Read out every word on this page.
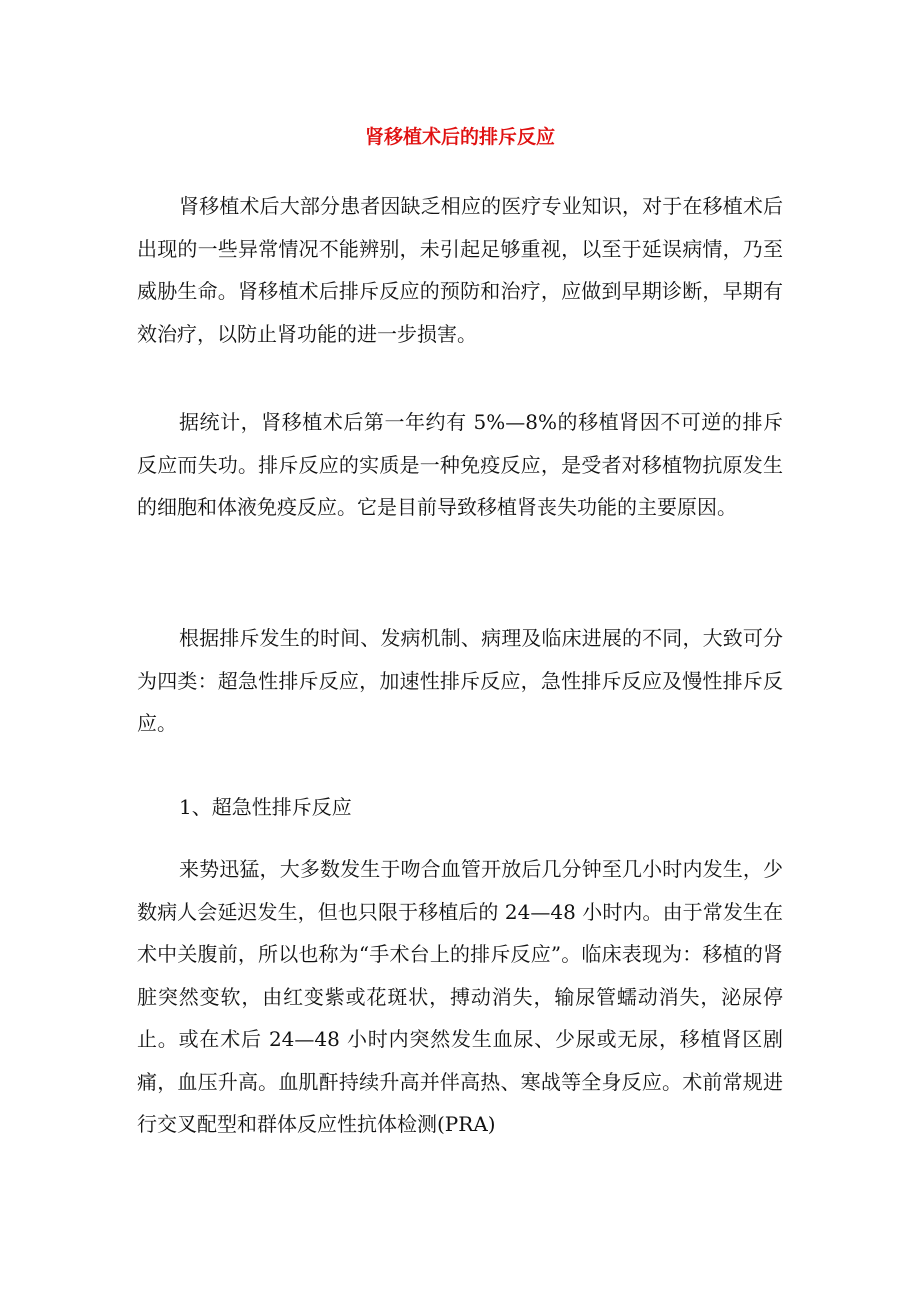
肾移植术后的排斥反应

肾移植术后大部分患者因缺乏相应的医疗专业知识，对于在移植术后出现的一些异常情况不能辨别，未引起足够重视，以至于延误病情，乃至威胁生命。肾移植术后排斥反应的预防和治疗，应做到早期诊断，早期有效治疗，以防止肾功能的进一步损害。

据统计，肾移植术后第一年约有 5%—8%的移植肾因不可逆的排斥反应而失功。排斥反应的实质是一种免疫反应，是受者对移植物抗原发生的细胞和体液免疫反应。它是目前导致移植肾丧失功能的主要原因。

根据排斥发生的时间、发病机制、病理及临床进展的不同，大致可分为四类：超急性排斥反应，加速性排斥反应，急性排斥反应及慢性排斥反应。

1、超急性排斥反应

来势迅猛，大多数发生于吻合血管开放后几分钟至几小时内发生，少数病人会延迟发生，但也只限于移植后的 24—48 小时内。由于常发生在术中关腹前，所以也称为“手术台上的排斥反应”。临床表现为：移植的肾脏突然变软，由红变紫或花斑状，搏动消失，输尿管蠕动消失，泌尿停止。或在术后 24—48 小时内突然发生血尿、少尿或无尿，移植肾区剧痛，血压升高。血肌酐持续升高并伴高热、寒战等全身反应。术前常规进行交叉配型和群体反应性抗体检测(PRA)
